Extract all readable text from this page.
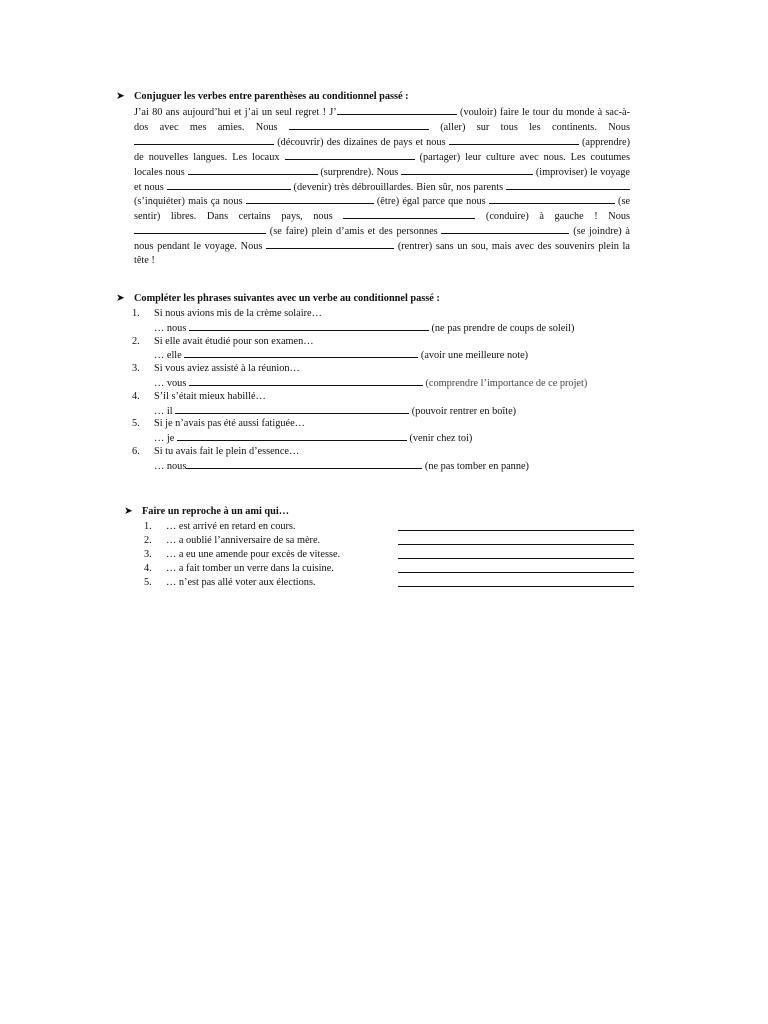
➤ Conjuguer les verbes entre parenthèses au conditionnel passé :
J’ai 80 ans aujourd’hui et j’ai un seul regret ! J’	(vouloir) faire le tour du monde à sac-à-dos avec mes amies. Nous	(aller) sur tous les continents. Nous  (découvrir) des dizaines de pays et nous	(apprendre) de nouvelles langues. Les locaux	(partager) leur culture avec nous. Les coutumes locales nous	(surprendre). Nous	(improviser) le voyage et nous	(devenir) très débrouillardes. Bien sûr, nos parents  (s’inquiéter) mais ça nous	(être) égal parce que nous	(se sentir) libres. Dans certains pays, nous	(conduire) à gauche ! Nous  (se faire) plein d’amis et des personnes	(se joindre) à nous pendant le voyage. Nous	(rentrer) sans un sou, mais avec des souvenirs plein la tête !
➤ Compléter les phrases suivantes avec un verbe au conditionnel passé :
1. Si nous avions mis de la crème solaire…
… nous	(ne pas prendre de coups de soleil)
2. Si elle avait étudié pour son examen…
… elle	(avoir une meilleure note)
3. Si vous aviez assisté à la réunion…
… vous	(comprendre l’importance de ce projet)
4. S’il s’était mieux habillé…
… il	(pouvoir rentrer en boîte)
5. Si je n’avais pas été aussi fatiguée…
… je	(venir chez toi)
6. Si tu avais fait le plein d’essence…
… nous	(ne pas tomber en panne)
➤ Faire un reproche à un ami qui…
1. … est arrivé en retard en cours.
2. … a oublié l’anniversaire de sa mère.
3. … a eu une amende pour excès de vitesse.
4. … a fait tomber un verre dans la cuisine.
5. … n’est pas allé voter aux élections.
